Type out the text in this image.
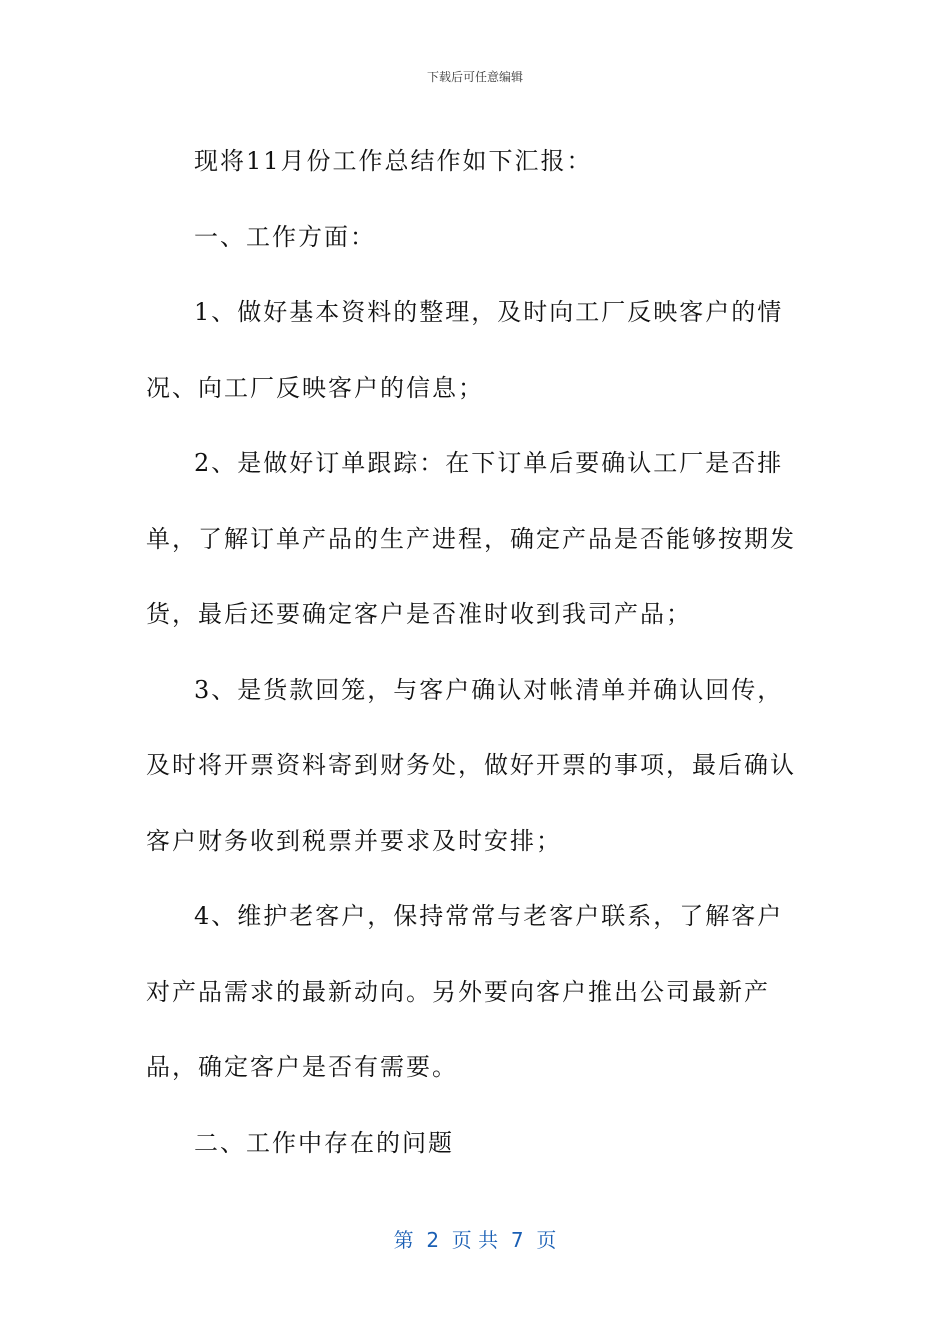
下载后可任意编辑

现将11月份工作总结作如下汇报：

一、工作方面：

1、做好基本资料的整理，及时向工厂反映客户的情况、向工厂反映客户的信息；

2、是做好订单跟踪：在下订单后要确认工厂是否排单，了解订单产品的生产进程，确定产品是否能够按期发货，最后还要确定客户是否准时收到我司产品；

3、是货款回笼，与客户确认对帐清单并确认回传，及时将开票资料寄到财务处，做好开票的事项，最后确认客户财务收到税票并要求及时安排；

4、维护老客户，保持常常与老客户联系，了解客户对产品需求的最新动向。另外要向客户推出公司最新产品，确定客户是否有需要。

二、工作中存在的问题

第  2  页 共  7  页
